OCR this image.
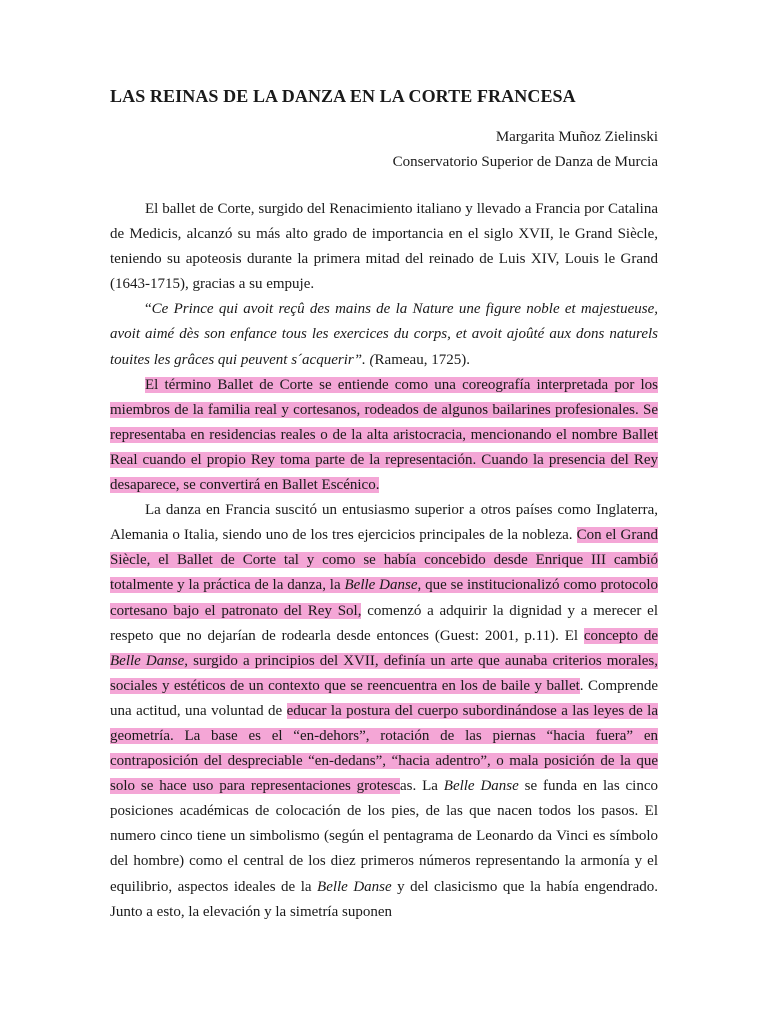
LAS REINAS DE LA DANZA EN LA CORTE FRANCESA
Margarita Muñoz Zielinski
Conservatorio Superior de Danza de Murcia

El ballet de Corte, surgido del Renacimiento italiano y llevado a Francia por Catalina de Medicis, alcanzó su más alto grado de importancia en el siglo XVII, le Grand Siècle, teniendo su apoteosis durante la primera mitad del reinado de Luis XIV, Louis le Grand (1643-1715), gracias a su empuje.

“Ce Prince qui avoit reçû des mains de la Nature une figure noble et majestueuse, avoit aimé dès son enfance tous les exercices du corps, et avoit ajoûté aux dons naturels touites les grâces qui peuvent s´acquerir”. (Rameau, 1725).

El término Ballet de Corte se entiende como una coreografía interpretada por los miembros de la familia real y cortesanos, rodeados de algunos bailarines profesionales. Se representaba en residencias reales o de la alta aristocracia, mencionando el nombre Ballet Real cuando el propio Rey toma parte de la representación. Cuando la presencia del Rey desaparece, se convertirá en Ballet Escénico.

La danza en Francia suscitó un entusiasmo superior a otros países como Inglaterra, Alemania o Italia, siendo uno de los tres ejercicios principales de la nobleza. Con el Grand Siècle, el Ballet de Corte tal y como se había concebido desde Enrique III cambió totalmente y la práctica de la danza, la Belle Danse, que se institucionalizó como protocolo cortesano bajo el patronato del Rey Sol, comenzó a adquirir la dignidad y a merecer el respeto que no dejarían de rodearla desde entonces (Guest: 2001, p.11). El concepto de Belle Danse, surgido a principios del XVII, definía un arte que aunaba criterios morales, sociales y estéticos de un contexto que se reencuentra en los de baile y ballet. Comprende una actitud, una voluntad de educar la postura del cuerpo subordinándose a las leyes de la geometría. La base es el “en-dehors”, rotación de las piernas “hacia fuera” en contraposición del despreciable “en-dedans”, “hacia adentro”, o mala posición de la que solo se hace uso para representaciones grotescas. La Belle Danse se funda en las cinco posiciones académicas de colocación de los pies, de las que nacen todos los pasos. El numero cinco tiene un simbolismo (según el pentagrama de Leonardo da Vinci es símbolo del hombre) como el central de los diez primeros números representando la armonía y el equilibrio, aspectos ideales de la Belle Danse y del clasicismo que la había engendrado. Junto a esto, la elevación y la simetría suponen
